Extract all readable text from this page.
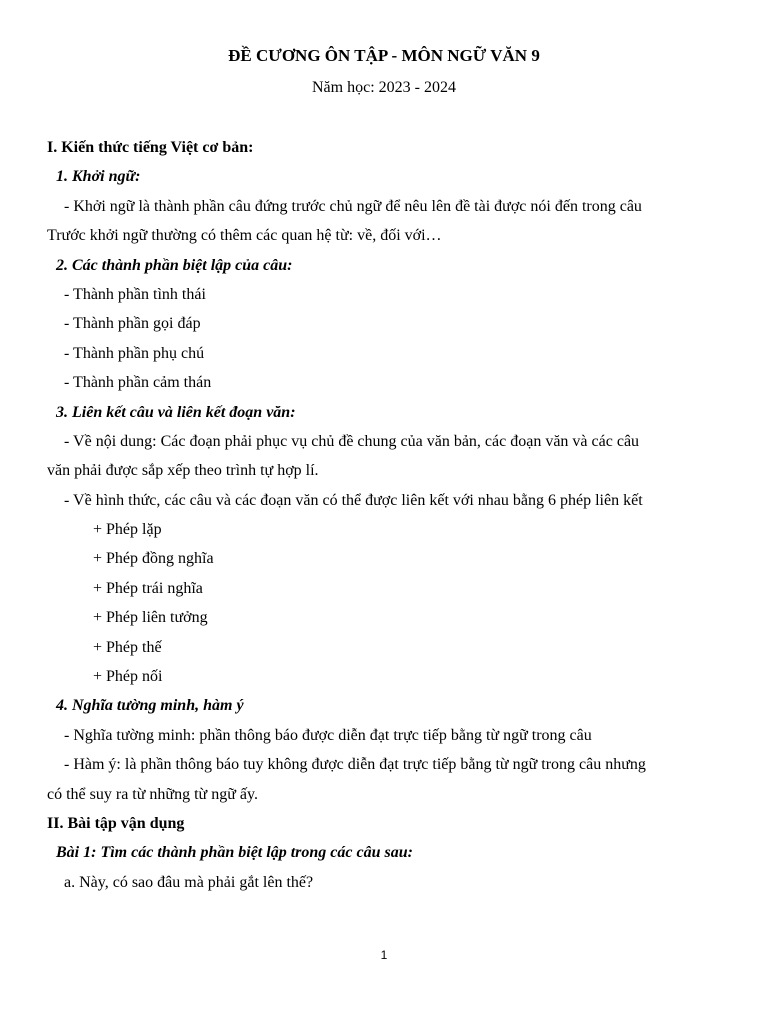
ĐỀ CƯƠNG ÔN TẬP - MÔN NGỮ VĂN 9
Năm học: 2023 - 2024
I. Kiến thức tiếng Việt cơ bản:
1. Khởi ngữ:
- Khởi ngữ là thành phần câu đứng trước chủ ngữ để nêu lên đề tài được nói đến trong câu
Trước khởi ngữ thường có thêm các quan hệ từ: về, đối với…
2. Các thành phần biệt lập của câu:
- Thành phần tình thái
- Thành phần gọi đáp
- Thành phần phụ chú
- Thành phần cảm thán
3. Liên kết câu và liên kết đoạn văn:
- Về nội dung: Các đoạn phải phục vụ chủ đề chung của văn bản, các đoạn văn và các câu
văn phải được sắp xếp theo trình tự hợp lí.
- Về hình thức, các câu và các đoạn văn có thể được liên kết với nhau bằng 6 phép liên kết
+ Phép lặp
+ Phép đồng nghĩa
+ Phép trái nghĩa
+ Phép liên tưởng
+ Phép thế
+ Phép nối
4. Nghĩa tường minh, hàm ý
- Nghĩa tường minh: phần thông báo được diễn đạt trực tiếp bằng từ ngữ trong câu
- Hàm ý: là phần thông báo tuy không được diễn đạt trực tiếp bằng từ ngữ trong câu nhưng
có thể suy ra từ những từ ngữ ấy.
II. Bài tập vận dụng
Bài 1: Tìm các thành phần biệt lập trong các câu sau:
a. Này, có sao đâu mà phải gắt lên thế?
1
